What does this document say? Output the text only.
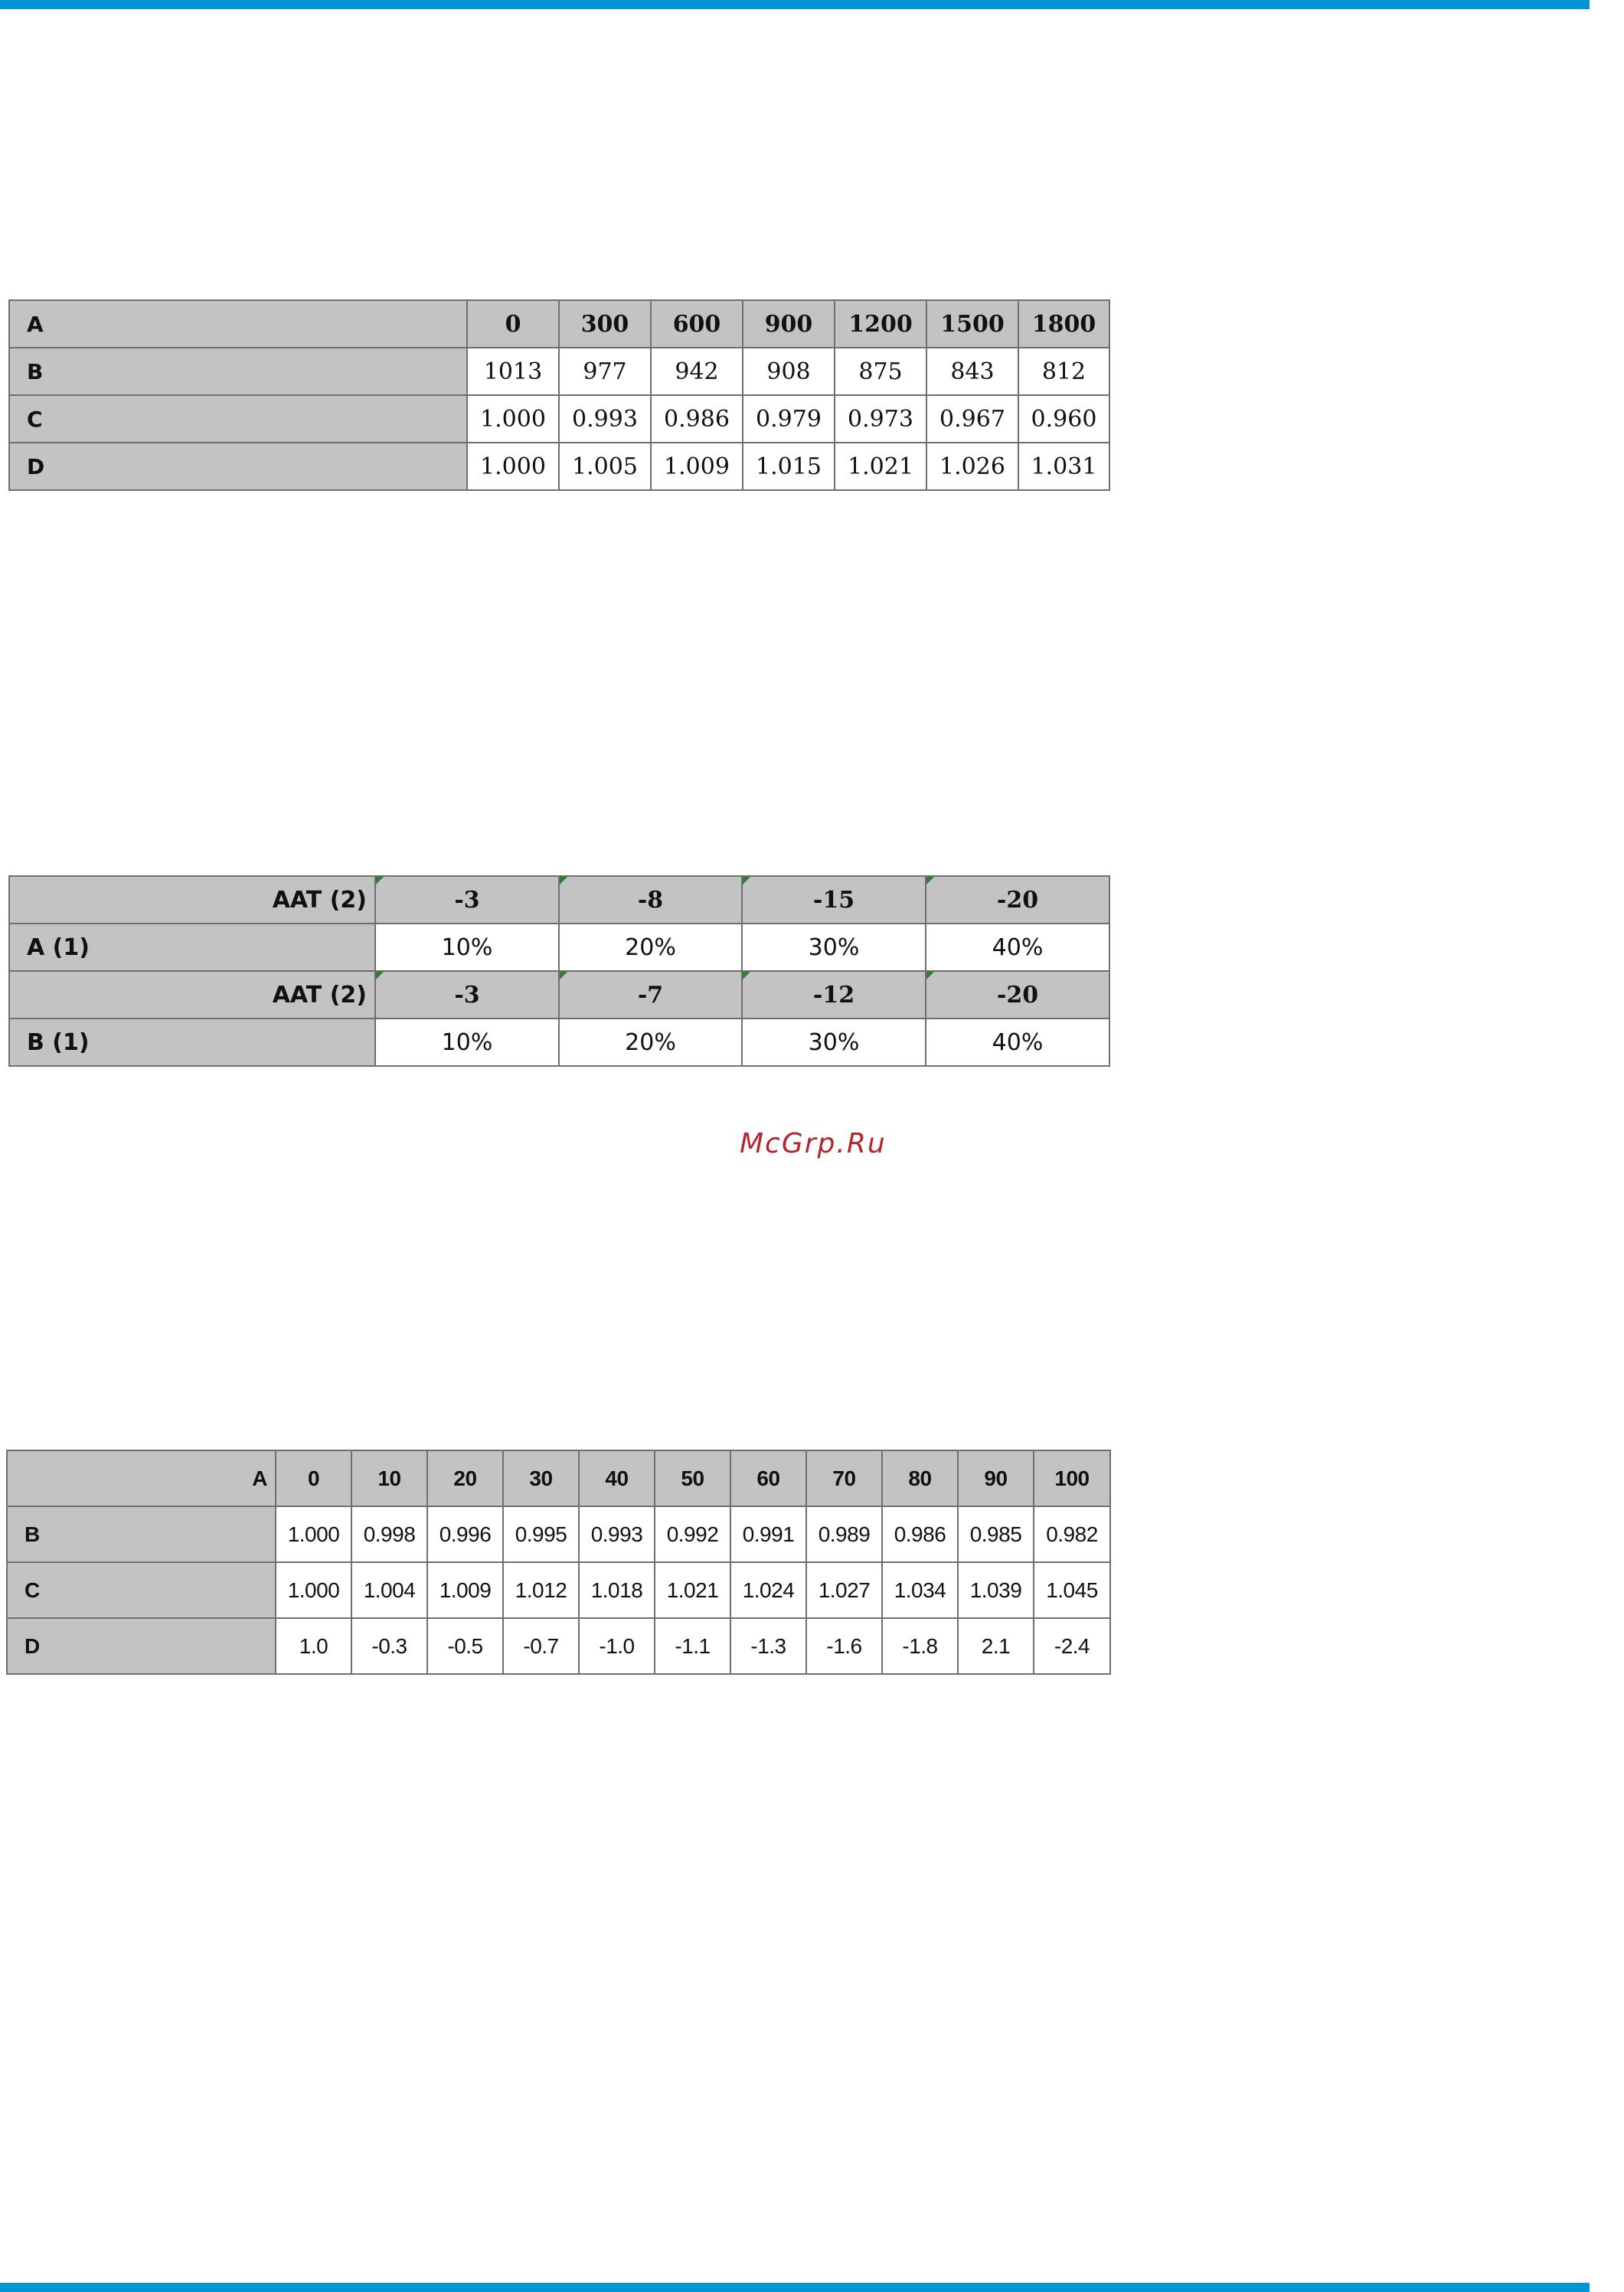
A	0	300	600	900	1200	1500	1800
B	1013	977	942	908	875	843	812
C	1.000	0.993	0.986	0.979	0.973	0.967	0.960
D	1.000	1.005	1.009	1.015	1.021	1.026	1.031
AAT (2)	-3	-8	-15	-20
A (1)	10%	20%	30%	40%
AAT (2)	-3	-7	-12	-20
B (1)	10%	20%	30%	40%
McGrp.Ru
A	0	10	20	30	40	50	60	70	80	90	100
B	1.000	0.998	0.996	0.995	0.993	0.992	0.991	0.989	0.986	0.985	0.982
C	1.000	1.004	1.009	1.012	1.018	1.021	1.024	1.027	1.034	1.039	1.045
D	1.0	-0.3	-0.5	-0.7	-1.0	-1.1	-1.3	-1.6	-1.8	2.1	-2.4
